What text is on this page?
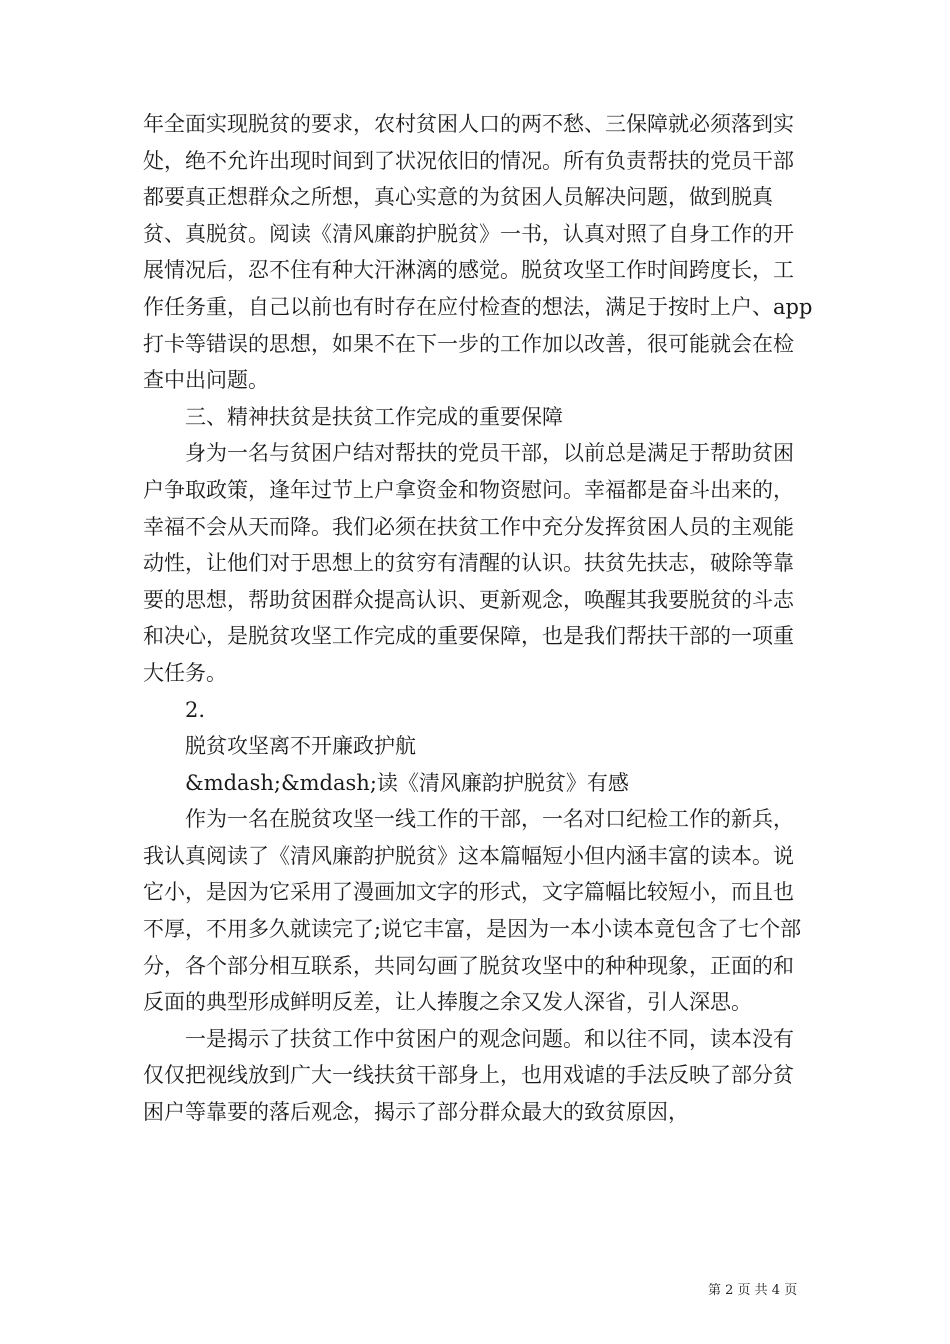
年全面实现脱贫的要求，农村贫困人口的两不愁、三保障就必须落到实处，绝不允许出现时间到了状况依旧的情况。所有负责帮扶的党员干部都要真正想群众之所想，真心实意的为贫困人员解决问题，做到脱真贫、真脱贫。阅读《清风廉韵护脱贫》一书，认真对照了自身工作的开展情况后，忍不住有种大汗淋漓的感觉。脱贫攻坚工作时间跨度长，工作任务重，自己以前也有时存在应付检查的想法，满足于按时上户、app打卡等错误的思想，如果不在下一步的工作加以改善，很可能就会在检查中出问题。

三、精神扶贫是扶贫工作完成的重要保障

身为一名与贫困户结对帮扶的党员干部，以前总是满足于帮助贫困户争取政策，逢年过节上户拿资金和物资慰问。幸福都是奋斗出来的，幸福不会从天而降。我们必须在扶贫工作中充分发挥贫困人员的主观能动性，让他们对于思想上的贫穷有清醒的认识。扶贫先扶志，破除等靠要的思想，帮助贫困群众提高认识、更新观念，唤醒其我要脱贫的斗志和决心，是脱贫攻坚工作完成的重要保障，也是我们帮扶干部的一项重大任务。

2.

脱贫攻坚离不开廉政护航

&mdash;&mdash;读《清风廉韵护脱贫》有感

作为一名在脱贫攻坚一线工作的干部，一名对口纪检工作的新兵，我认真阅读了《清风廉韵护脱贫》这本篇幅短小但内涵丰富的读本。说它小，是因为它采用了漫画加文字的形式，文字篇幅比较短小，而且也不厚，不用多久就读完了;说它丰富，是因为一本小读本竟包含了七个部分，各个部分相互联系，共同勾画了脱贫攻坚中的种种现象，正面的和反面的典型形成鲜明反差，让人捧腹之余又发人深省，引人深思。

一是揭示了扶贫工作中贫困户的观念问题。和以往不同，读本没有仅仅把视线放到广大一线扶贫干部身上，也用戏谑的手法反映了部分贫困户等靠要的落后观念，揭示了部分群众最大的致贫原因，

第 2 页 共 4 页
